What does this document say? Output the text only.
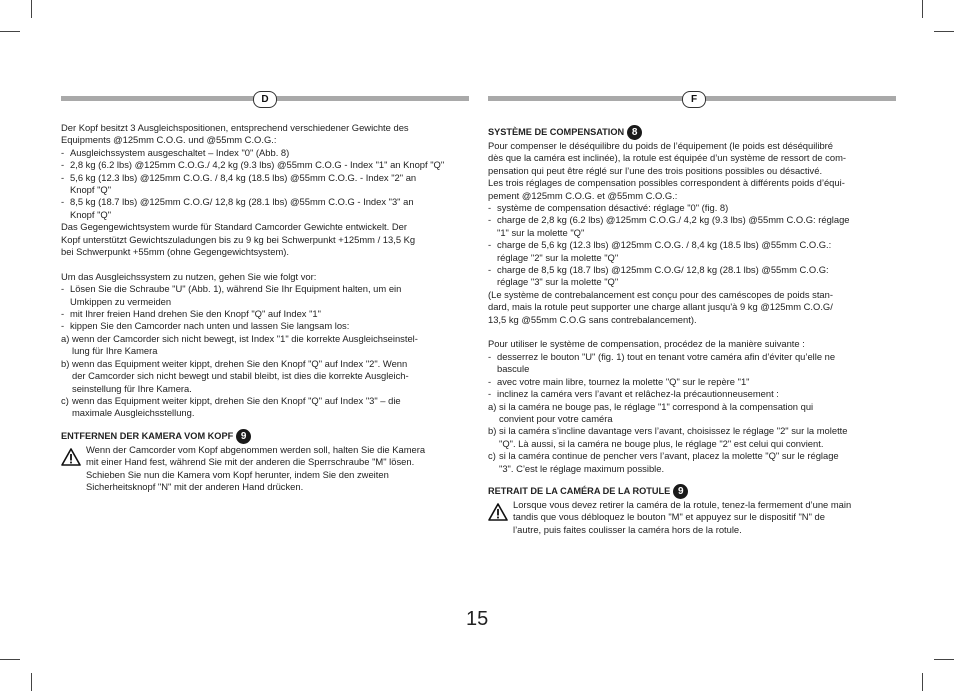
D	F
Der Kopf besitzt 3 Ausgleichspositionen, entsprechend verschiedener Gewichte des
Equipments @125mm C.O.G. und @55mm C.O.G.:
- Ausgleichssystem ausgeschaltet – Index "0" (Abb. 8)
- 2,8 kg (6.2 lbs) @125mm C.O.G./ 4,2 kg (9.3 lbs) @55mm C.O.G - Index "1" an Knopf "Q"
- 5,6 kg (12.3 lbs) @125mm C.O.G. / 8,4 kg (18.5 lbs) @55mm C.O.G. - Index "2" an
Knopf "Q"
- 8,5 kg (18.7 lbs) @125mm C.O.G/ 12,8 kg (28.1 lbs) @55mm C.O.G - Index "3" an
Knopf "Q"
Das Gegengewichtsystem wurde für Standard Camcorder Gewichte entwickelt. Der
Kopf unterstützt Gewichtszuladungen bis zu 9 kg bei Schwerpunkt +125mm / 13,5 Kg
bei Schwerpunkt +55mm (ohne Gegengewichtsystem).
Um das Ausgleichssystem zu nutzen, gehen Sie wie folgt vor:
- Lösen Sie die Schraube "U" (Abb. 1), während Sie Ihr Equipment halten, um ein
Umkippen zu vermeiden
- mit Ihrer freien Hand drehen Sie den Knopf "Q" auf Index "1"
- kippen Sie den Camcorder nach unten und lassen Sie langsam los:
a) wenn der Camcorder sich nicht bewegt, ist Index "1" die korrekte Ausgleichseinstel-
lung für Ihre Kamera
b) wenn das Equipment weiter kippt, drehen Sie den Knopf "Q" auf Index "2". Wenn
der Camcorder sich nicht bewegt und stabil bleibt, ist dies die korrekte Ausgleich-
seinstellung für Ihre Kamera.
c) wenn das Equipment weiter kippt, drehen Sie den Knopf "Q" auf Index "3" – die
maximale Ausgleichsstellung.
ENTFERNEN DER KAMERA VOM KOPF 9
Wenn der Camcorder vom Kopf abgenommen werden soll, halten Sie die Kamera
mit einer Hand fest, während Sie mit der anderen die Sperrschraube "M" lösen.
Schieben Sie nun die Kamera vom Kopf herunter, indem Sie den zweiten
Sicherheitsknopf "N" mit der anderen Hand drücken.
SYSTÈME DE COMPENSATION 8
Pour compenser le déséquilibre du poids de l’équipement (le poids est déséquilibré
dès que la caméra est inclinée), la rotule est équipée d’un système de ressort de com-
pensation qui peut être réglé sur l’une des trois positions possibles ou désactivé.
Les trois réglages de compensation possibles correspondent à différents poids d’équi-
pement @125mm C.O.G. et @55mm C.O.G.:
- système de compensation désactivé: réglage "0" (fig. 8)
- charge de 2,8 kg (6.2 lbs) @125mm C.O.G./ 4,2 kg (9.3 lbs) @55mm C.O.G: réglage
"1" sur la molette "Q"
- charge de 5,6 kg (12.3 lbs) @125mm C.O.G. / 8,4 kg (18.5 lbs) @55mm C.O.G.:
réglage "2" sur la molette "Q"
- charge de 8,5 kg (18.7 lbs) @125mm C.O.G/ 12,8 kg (28.1 lbs) @55mm C.O.G:
réglage "3" sur la molette "Q"
(Le système de contrebalancement est conçu pour des caméscopes de poids stan-
dard, mais la rotule peut supporter une charge allant jusqu'à 9 kg @125mm C.O.G/
13,5 kg @55mm C.O.G sans contrebalancement).
Pour utiliser le système de compensation, procédez de la manière suivante :
- desserrez le bouton "U" (fig. 1) tout en tenant votre caméra afin d’éviter qu’elle ne
bascule
- avec votre main libre, tournez la molette "Q" sur le repère "1"
- inclinez la caméra vers l’avant et relâchez-la précautionneusement :
a) si la caméra ne bouge pas, le réglage "1" correspond à la compensation qui
convient pour votre caméra
b) si la caméra s’incline davantage vers l’avant, choisissez le réglage "2" sur la molette
"Q". Là aussi, si la caméra ne bouge plus, le réglage "2" est celui qui convient.
c) si la caméra continue de pencher vers l’avant, placez la molette "Q" sur le réglage
"3". C’est le réglage maximum possible.
RETRAIT DE LA CAMÉRA DE LA ROTULE 9
Lorsque vous devez retirer la caméra de la rotule, tenez-la fermement d’une main
tandis que vous débloquez le bouton "M" et appuyez sur le dispositif "N" de
l’autre, puis faites coulisser la caméra hors de la rotule.
15
